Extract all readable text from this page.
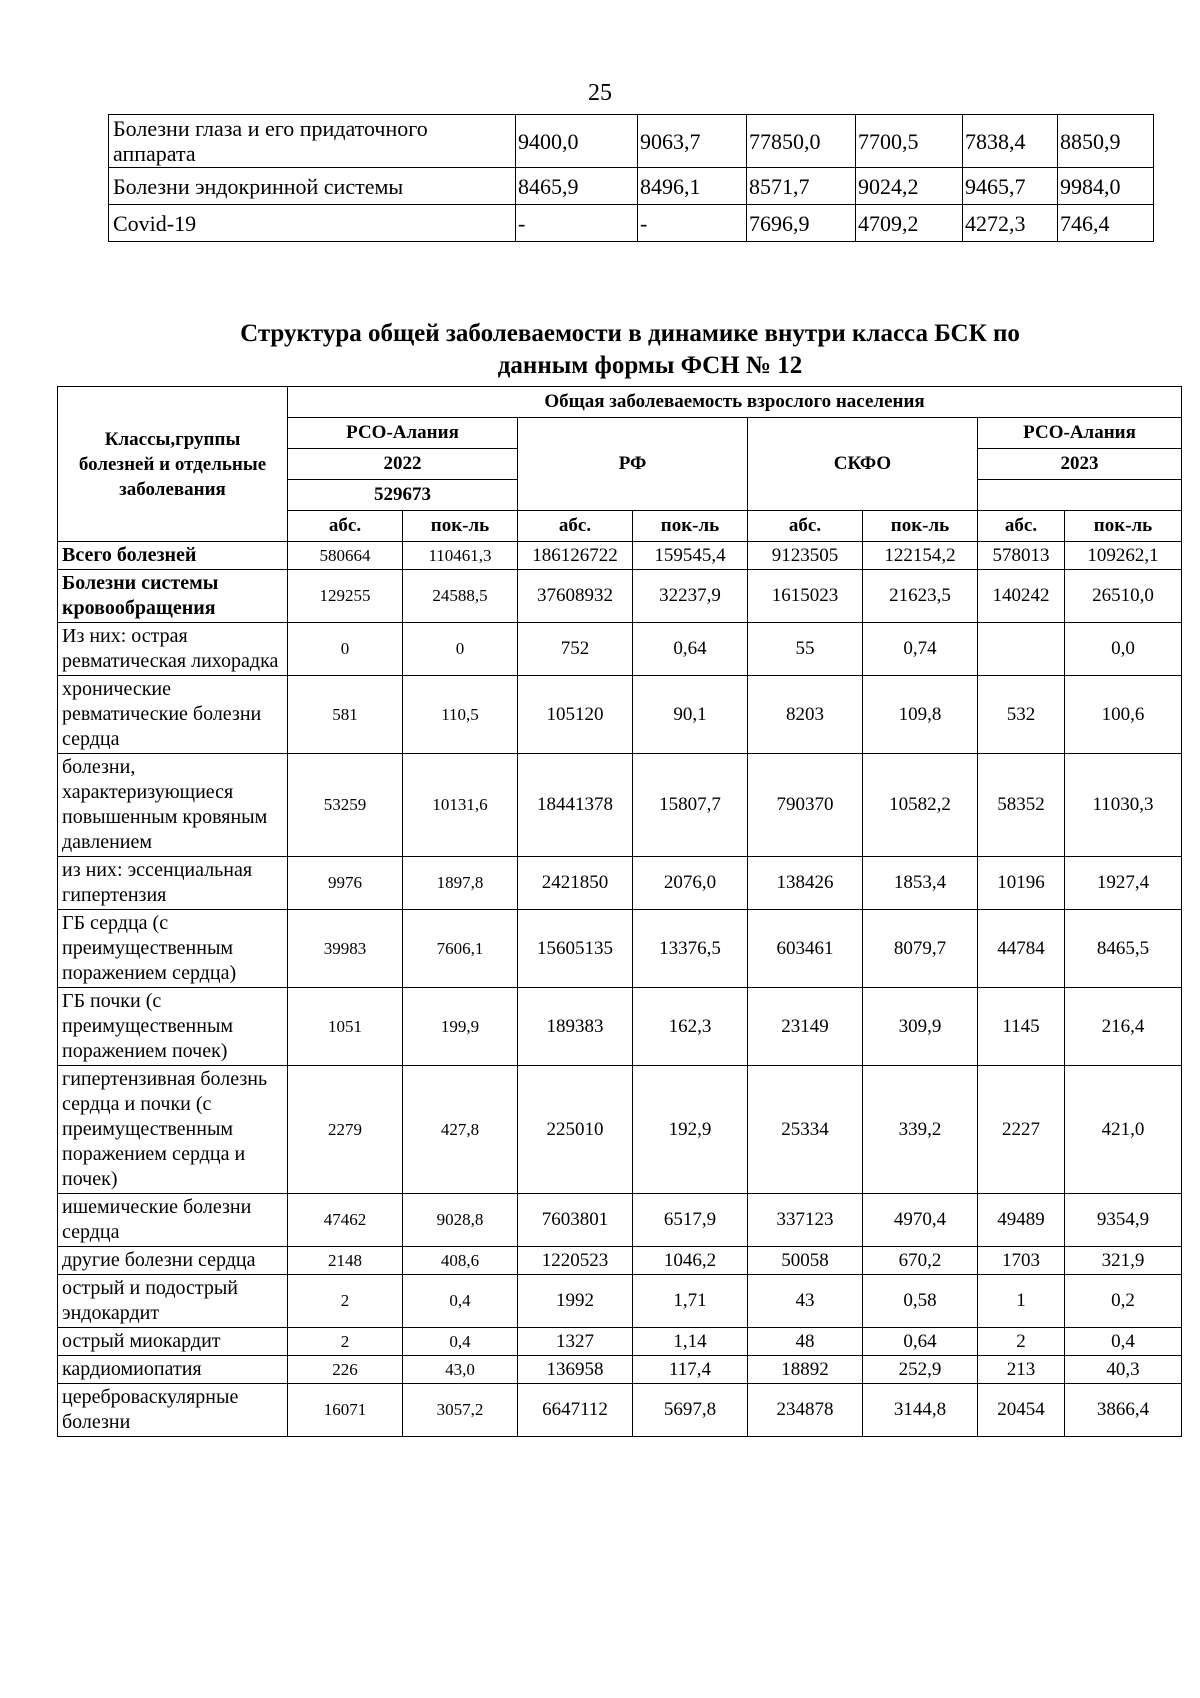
25
Болезни глаза и его придаточного аппарата	9400,0	9063,7	77850,0	7700,5	7838,4	8850,9
Болезни эндокринной системы	8465,9	8496,1	8571,7	9024,2	9465,7	9984,0
Covid-19	-	-	7696,9	4709,2	4272,3	746,4
Структура общей заболеваемости в динамике внутри класса БСК по
данным формы ФСН № 12
Классы,группы болезней и отдельные заболевания	Общая заболеваемость взрослого населения							
	РСО-Алания		РФ		СКФО		РСО-Алания	
	2022						2023	
	529673							
	абс.	пок-ль	абс.	пок-ль	абс.	пок-ль	абс.	пок-ль
Всего болезней	580664	110461,3	186126722	159545,4	9123505	122154,2	578013	109262,1
Болезни системы кровообращения	129255	24588,5	37608932	32237,9	1615023	21623,5	140242	26510,0
Из них: острая ревматическая лихорадка	0	0	752	0,64	55	0,74		0,0
хронические ревматические болезни сердца	581	110,5	105120	90,1	8203	109,8	532	100,6
болезни, характеризующиеся повышенным кровяным давлением	53259	10131,6	18441378	15807,7	790370	10582,2	58352	11030,3
из них: эссенциальная гипертензия	9976	1897,8	2421850	2076,0	138426	1853,4	10196	1927,4
ГБ сердца (с преимущественным поражением сердца)	39983	7606,1	15605135	13376,5	603461	8079,7	44784	8465,5
ГБ почки (с преимущественным поражением почек)	1051	199,9	189383	162,3	23149	309,9	1145	216,4
гипертензивная болезнь сердца и почки (с преимущественным поражением сердца и почек)	2279	427,8	225010	192,9	25334	339,2	2227	421,0
ишемические болезни сердца	47462	9028,8	7603801	6517,9	337123	4970,4	49489	9354,9
другие болезни сердца	2148	408,6	1220523	1046,2	50058	670,2	1703	321,9
острый и подострый эндокардит	2	0,4	1992	1,71	43	0,58	1	0,2
острый миокардит	2	0,4	1327	1,14	48	0,64	2	0,4
кардиомиопатия	226	43,0	136958	117,4	18892	252,9	213	40,3
цереброваскулярные болезни	16071	3057,2	6647112	5697,8	234878	3144,8	20454	3866,4
